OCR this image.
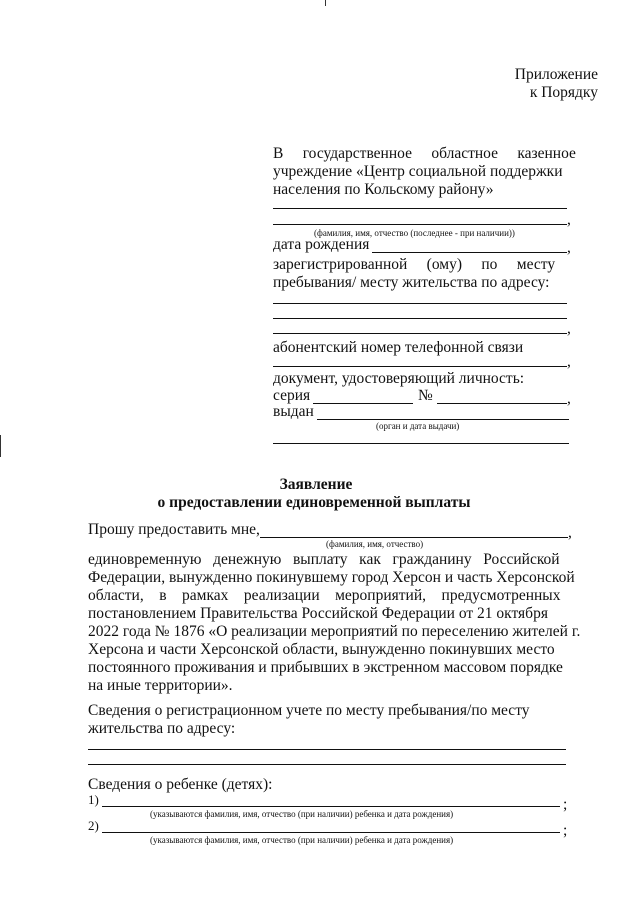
Приложение
к Порядку
В     государственное     областное     казенное
учреждение «Центр социальной поддержки
населения по Кольскому району»
,
(фамилия, имя, отчество (последнее - при наличии))
дата рождения	,
зарегистрированной     (ому)     по     месту
пребывания/ месту жительства по адресу:
,
абонентский номер телефонной связи
,
документ, удостоверяющий личность:
серия	№	,
выдан
(орган и дата выдачи)
Заявление
о предоставлении единовременной выплаты
Прошу предоставить мне,	,
(фамилия, имя, отчество)
единовременную   денежную   выплату   как   гражданину   Российской
Федерации, вынужденно покинувшему город Херсон и часть Херсонской
области,    в    рамках    реализации    мероприятий,    предусмотренных
постановлением Правительства Российской Федерации от 21 октября
2022 года № 1876 «О реализации мероприятий по переселению жителей г.
Херсона и части Херсонской области, вынужденно покинувших место
постоянного проживания и прибывших в экстренном массовом порядке
на иные территории».
Сведения о регистрационном учете по месту пребывания/по месту
жительства по адресу:
Сведения о ребенке (детях):
1)	;
(указываются фамилия, имя, отчество (при наличии) ребенка и дата рождения)
2)	;
(указываются фамилия, имя, отчество (при наличии) ребенка и дата рождения)
